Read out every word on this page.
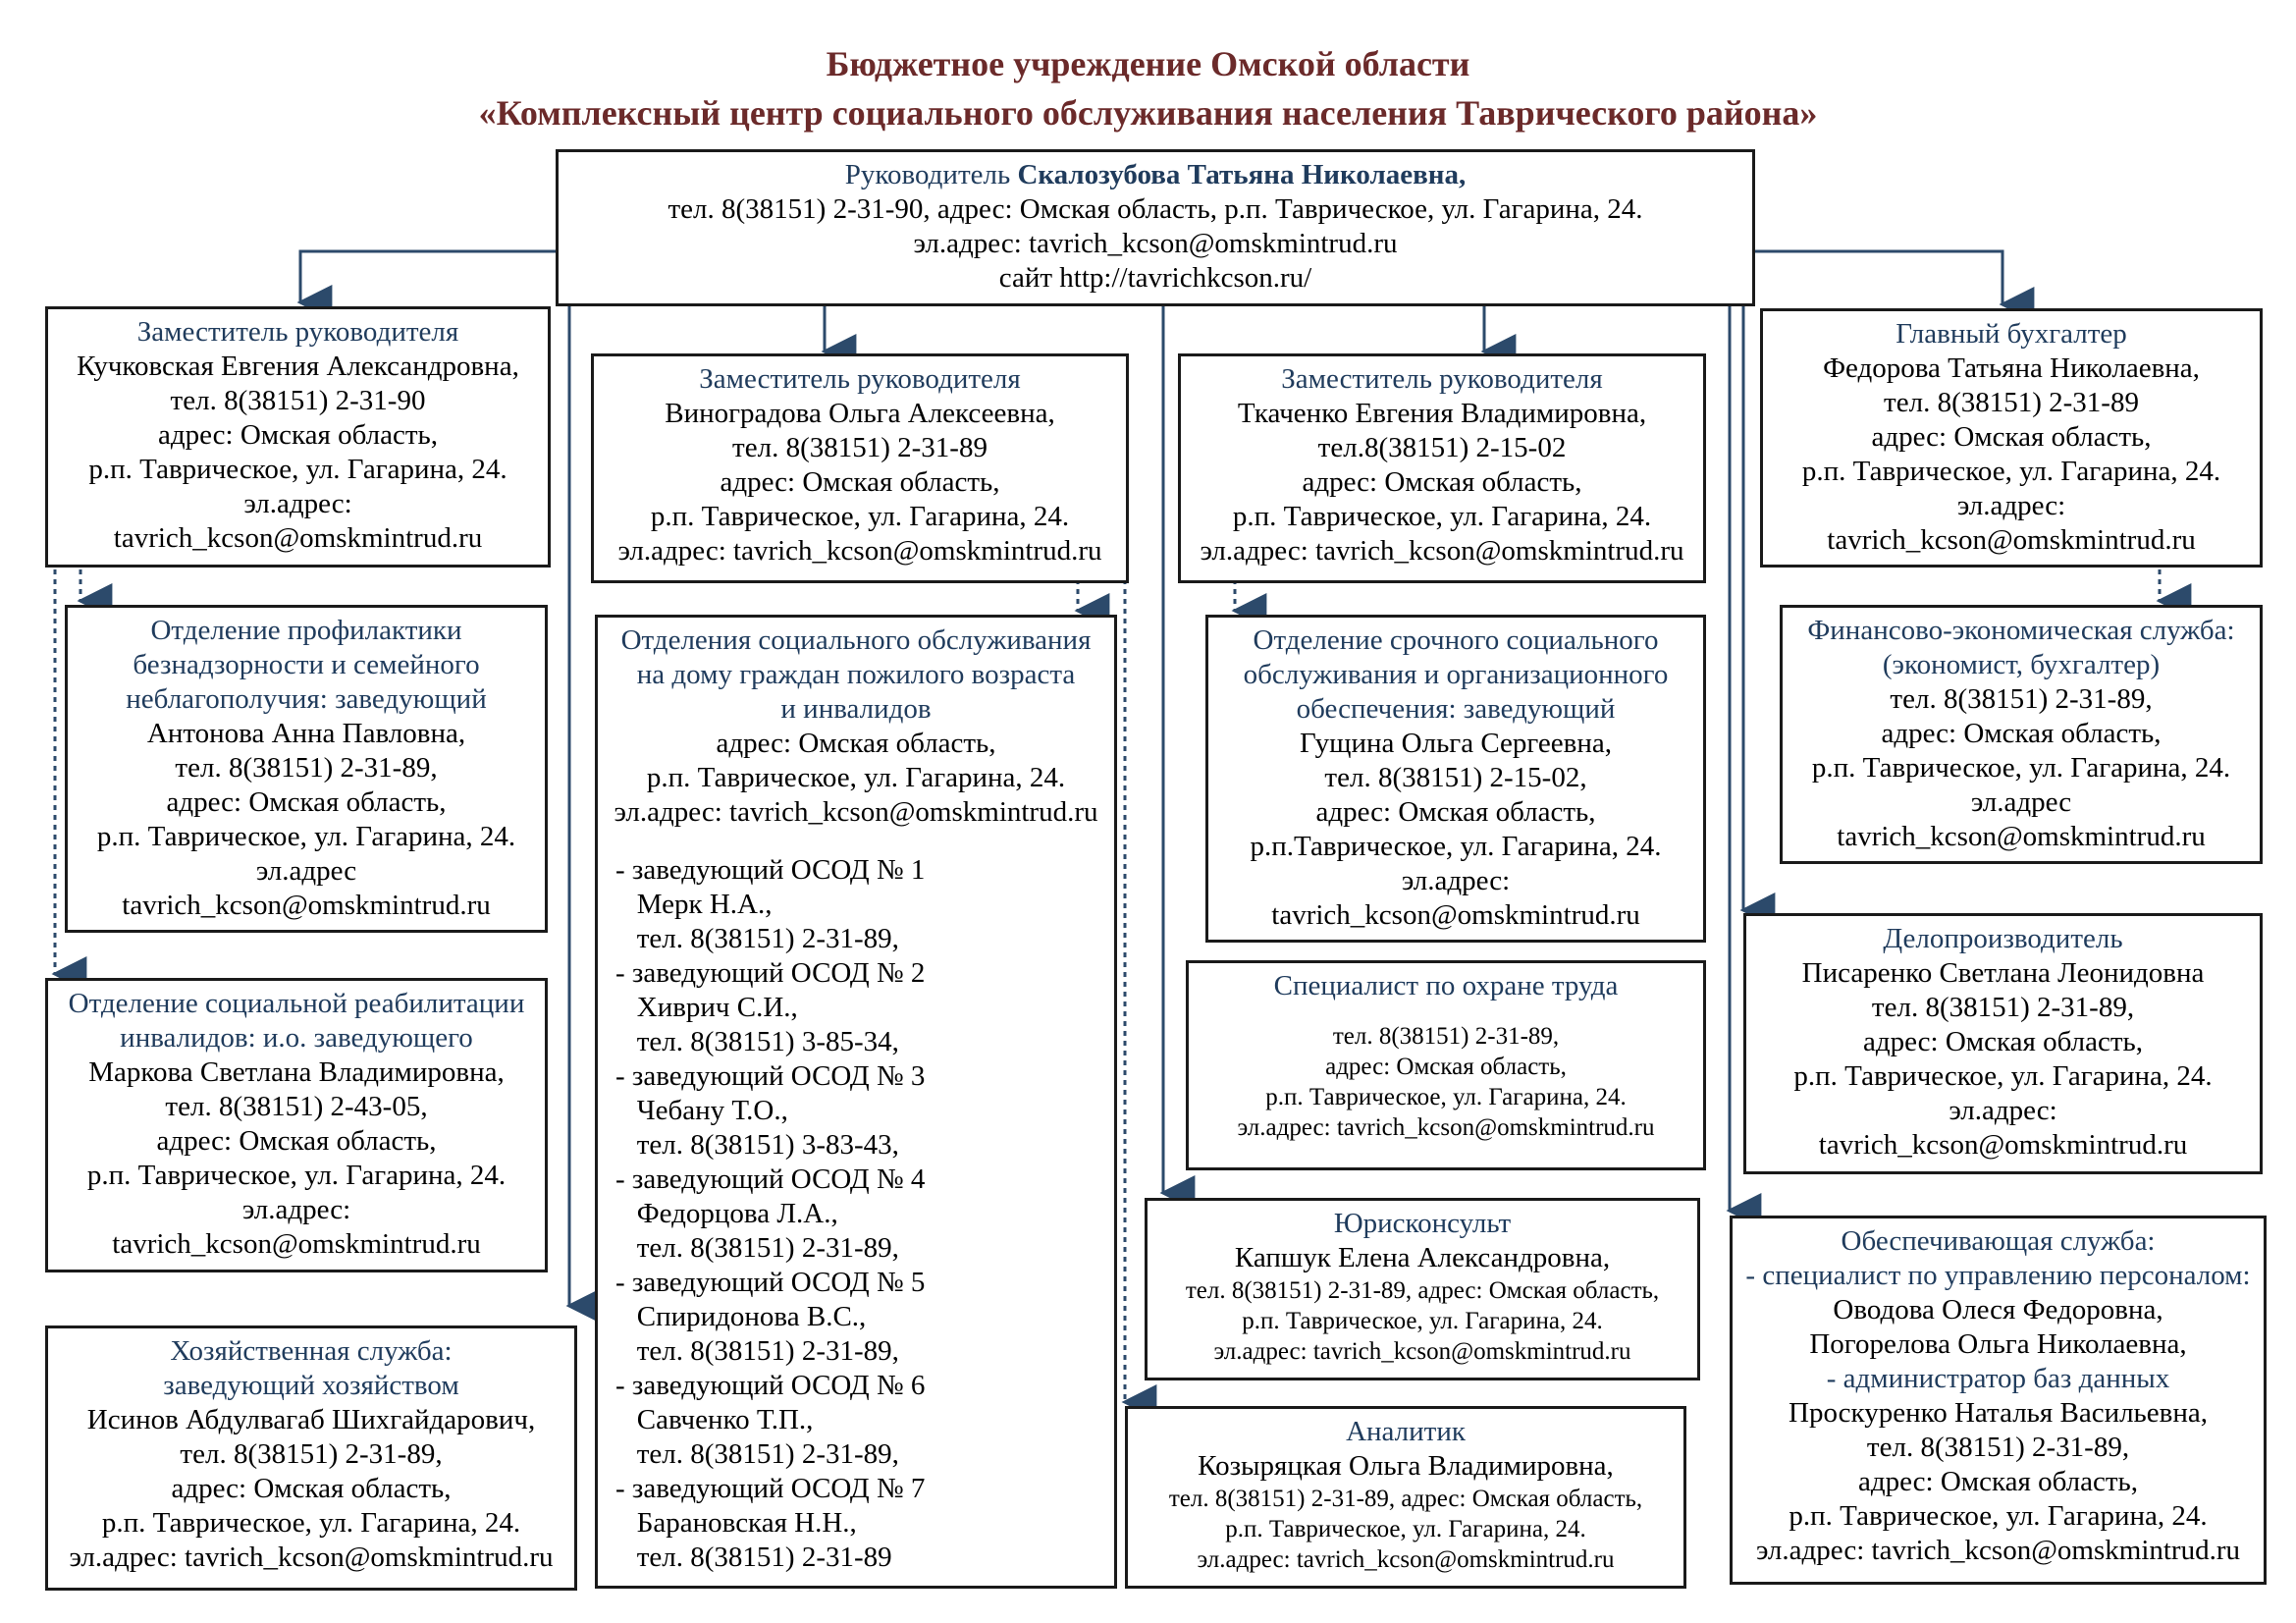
Бюджетное учреждение Омской области
«Комплексный центр социального обслуживания населения Таврического района»
Руководитель Скалозубова Татьяна Николаевна,
тел. 8(38151) 2-31-90, адрес: Омская область, р.п. Таврическое, ул. Гагарина, 24.
эл.адрес: tavrich_kcson@omskmintrud.ru
сайт http://tavrichkcson.ru/
Заместитель руководителя
Кучковская Евгения Александровна,
тел. 8(38151) 2-31-90
адрес: Омская область,
р.п. Таврическое, ул. Гагарина, 24.
эл.адрес:
tavrich_kcson@omskmintrud.ru
Заместитель руководителя
Виноградова Ольга Алексеевна,
тел. 8(38151) 2-31-89
адрес: Омская область,
р.п. Таврическое, ул. Гагарина, 24.
эл.адрес: tavrich_kcson@omskmintrud.ru
Заместитель руководителя
Ткаченко Евгения Владимировна,
тел.8(38151) 2-15-02
адрес: Омская область,
р.п. Таврическое, ул. Гагарина, 24.
эл.адрес: tavrich_kcson@omskmintrud.ru
Главный бухгалтер
Федорова Татьяна Николаевна,
тел. 8(38151) 2-31-89
адрес: Омская область,
р.п. Таврическое, ул. Гагарина, 24.
эл.адрес:
tavrich_kcson@omskmintrud.ru
Отделение профилактики
безнадзорности и семейного
неблагополучия: заведующий
Антонова Анна Павловна,
тел. 8(38151) 2-31-89,
адрес: Омская область,
р.п. Таврическое, ул. Гагарина, 24.
эл.адрес
tavrich_kcson@omskmintrud.ru
Отделение социальной реабилитации
инвалидов: и.о. заведующего
Маркова Светлана Владимировна,
тел. 8(38151) 2-43-05,
адрес: Омская область,
р.п. Таврическое, ул. Гагарина, 24.
эл.адрес:
tavrich_kcson@omskmintrud.ru
Хозяйственная служба:
заведующий хозяйством
Исинов Абдулвагаб Шихгайдарович,
тел. 8(38151) 2-31-89,
адрес: Омская область,
р.п. Таврическое, ул. Гагарина, 24.
эл.адрес: tavrich_kcson@omskmintrud.ru
Отделения социального обслуживания
на дому граждан пожилого возраста
и инвалидов
адрес: Омская область,
р.п. Таврическое, ул. Гагарина, 24.
эл.адрес: tavrich_kcson@omskmintrud.ru
- заведующий ОСОД № 1
Мерк Н.А.,
тел. 8(38151) 2-31-89,
- заведующий ОСОД № 2
Хиврич С.И.,
тел. 8(38151) 3-85-34,
- заведующий ОСОД № 3
Чебану Т.О.,
тел. 8(38151) 3-83-43,
- заведующий ОСОД № 4
Федорцова Л.А.,
тел. 8(38151) 2-31-89,
- заведующий ОСОД № 5
Спиридонова В.С.,
тел. 8(38151) 2-31-89,
- заведующий ОСОД № 6
Савченко Т.П.,
тел. 8(38151) 2-31-89,
- заведующий ОСОД № 7
Барановская Н.Н.,
тел. 8(38151) 2-31-89
Отделение срочного социального
обслуживания и организационного
обеспечения: заведующий
Гущина Ольга Сергеевна,
тел. 8(38151) 2-15-02,
адрес: Омская область,
р.п.Таврическое, ул. Гагарина, 24.
эл.адрес:
tavrich_kcson@omskmintrud.ru
Специалист по охране труда
тел. 8(38151) 2-31-89,
адрес: Омская область,
р.п. Таврическое, ул. Гагарина, 24.
эл.адрес: tavrich_kcson@omskmintrud.ru
Юрисконсульт
Капшук Елена Александровна,
тел. 8(38151) 2-31-89, адрес: Омская область,
р.п. Таврическое, ул. Гагарина, 24.
эл.адрес: tavrich_kcson@omskmintrud.ru
Аналитик
Козыряцкая Ольга Владимировна,
тел. 8(38151) 2-31-89, адрес: Омская область,
р.п. Таврическое, ул. Гагарина, 24.
эл.адрес: tavrich_kcson@omskmintrud.ru
Финансово-экономическая служба:
(экономист, бухгалтер)
тел. 8(38151) 2-31-89,
адрес: Омская область,
р.п. Таврическое, ул. Гагарина, 24.
эл.адрес
tavrich_kcson@omskmintrud.ru
Делопроизводитель
Писаренко Светлана Леонидовна
тел. 8(38151) 2-31-89,
адрес: Омская область,
р.п. Таврическое, ул. Гагарина, 24.
эл.адрес:
tavrich_kcson@omskmintrud.ru
Обеспечивающая служба:
- специалист по управлению персоналом:
Оводова Олеся Федоровна,
Погорелова Ольга Николаевна,
- администратор баз данных
Проскуренко Наталья Васильевна,
тел. 8(38151) 2-31-89,
адрес: Омская область,
р.п. Таврическое, ул. Гагарина, 24.
эл.адрес: tavrich_kcson@omskmintrud.ru
